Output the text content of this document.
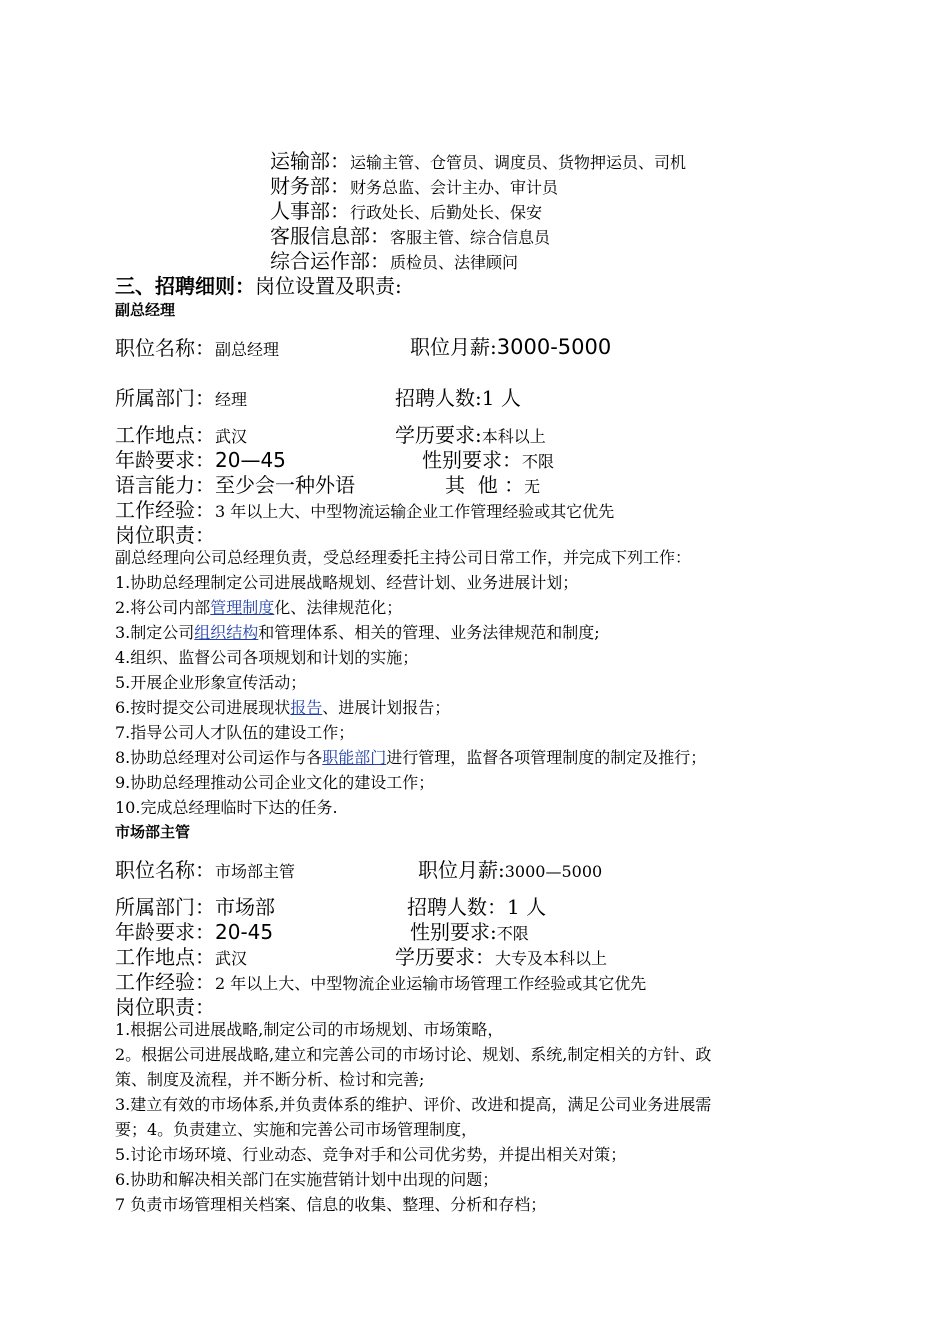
运输部：运输主管、仓管员、调度员、货物押运员、司机
财务部：财务总监、会计主办、审计员
人事部：行政处长、后勤处长、保安
客服信息部：客服主管、综合信息员
综合运作部：质检员、法律顾问
三、招聘细则：岗位设置及职责:
副总经理
职位名称：副总经理	职位月薪:3000-5000
所属部门：经理	招聘人数:1 人
工作地点：武汉	学历要求:本科以上
年龄要求：20—45	性别要求：不限
语言能力：至少会一种外语	其  他 ：无
工作经验：3 年以上大、中型物流运输企业工作管理经验或其它优先
岗位职责：
副总经理向公司总经理负责，受总经理委托主持公司日常工作，并完成下列工作：
1.协助总经理制定公司进展战略规划、经营计划、业务进展计划；
2.将公司内部管理制度化、法律规范化；
3.制定公司组织结构和管理体系、相关的管理、业务法律规范和制度;
4.组织、监督公司各项规划和计划的实施；
5.开展企业形象宣传活动；
6.按时提交公司进展现状报告、进展计划报告；
7.指导公司人才队伍的建设工作；
8.协助总经理对公司运作与各职能部门进行管理，监督各项管理制度的制定及推行；
9.协助总经理推动公司企业文化的建设工作；
10.完成总经理临时下达的任务.
市场部主管
职位名称：市场部主管	职位月薪:3000—5000
所属部门：市场部	招聘人数：1 人
年龄要求：20-45	性别要求:不限
工作地点：武汉	学历要求：大专及本科以上
工作经验：2 年以上大、中型物流企业运输市场管理工作经验或其它优先
岗位职责：
1.根据公司进展战略,制定公司的市场规划、市场策略，
2。根据公司进展战略,建立和完善公司的市场讨论、规划、系统,制定相关的方针、政
策、制度及流程，并不断分析、检讨和完善;
3.建立有效的市场体系,并负责体系的维护、评价、改进和提高，满足公司业务进展需
要；4。负责建立、实施和完善公司市场管理制度，
5.讨论市场环境、行业动态、竞争对手和公司优劣势，并提出相关对策；
6.协助和解决相关部门在实施营销计划中出现的问题；
7 负责市场管理相关档案、信息的收集、整理、分析和存档；
